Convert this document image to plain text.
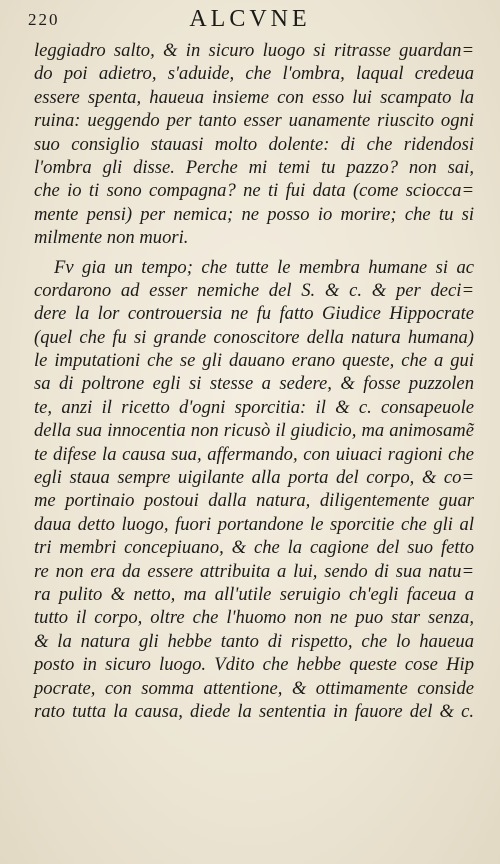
220	ALCVNE
leggiadro salto, & in sicuro luogo si ritrasse guardan=
do poi adietro, s'aduide, che l'ombra, laqual credeua
essere spenta, haueua insieme con esso lui scampato la
ruina: ueggendo per tanto esser uanamente riuscito ogni
suo consiglio stauasi molto dolente: di che ridendosi
l'ombra gli disse. Perche mi temi tu pazzo? non sai,
che io ti sono compagna? ne ti fui data (come sciocca=
mente pensi) per nemica; ne posso io morire; che tu si
milmente non muori.
Fv gia un tempo; che tutte le membra humane si ac
cordarono ad esser nemiche del S. & c. & per deci=
dere la lor controuersia ne fu fatto Giudice Hippocrate
(quel che fu si grande conoscitore della natura humana)
le imputationi che se gli dauano erano queste, che a gui
sa di poltrone egli si stesse a sedere, & fosse puzzolen
te, anzi il ricetto d'ogni sporcitia: il & c. consapeuole
della sua innocentia non ricusò il giudicio, ma animosamẽ
te difese la causa sua, affermando, con uiuaci ragioni che
egli staua sempre uigilante alla porta del corpo, & co=
me portinaio postoui dalla natura, diligentemente guar
daua detto luogo, fuori portandone le sporcitie che gli al
tri membri concepiuano, & che la cagione del suo fetto
re non era da essere attribuita a lui, sendo di sua natu=
ra pulito & netto, ma all'utile seruigio ch'egli faceua a
tutto il corpo, oltre che l'huomo non ne puo star senza,
& la natura gli hebbe tanto di rispetto, che lo haueua
posto in sicuro luogo. Vdito che hebbe queste cose Hip
pocrate, con somma attentione, & ottimamente conside
rato tutta la causa, diede la sententia in fauore del & c.
